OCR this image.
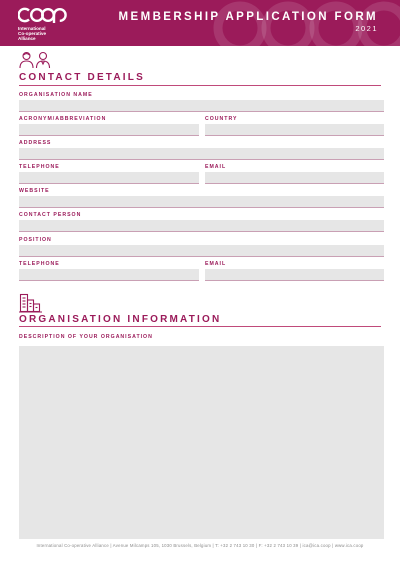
International
Co-operative
Alliance
MEMBERSHIP APPLICATION FORM
2021
CONTACT DETAILS
ORGANISATION NAME
ACRONYM/ABBREVIATION	COUNTRY
ADDRESS
TELEPHONE	EMAIL
WEBSITE
CONTACT PERSON
POSITION
TELEPHONE	EMAIL
ORGANISATION INFORMATION
DESCRIPTION OF YOUR ORGANISATION
International Co-operative Alliance | Avenue Milcamps 105, 1030 Brussels, Belgium | T: +32 2 743 10 30 | F: +32 2 743 10 39 | ica@ica.coop | www.ica.coop
